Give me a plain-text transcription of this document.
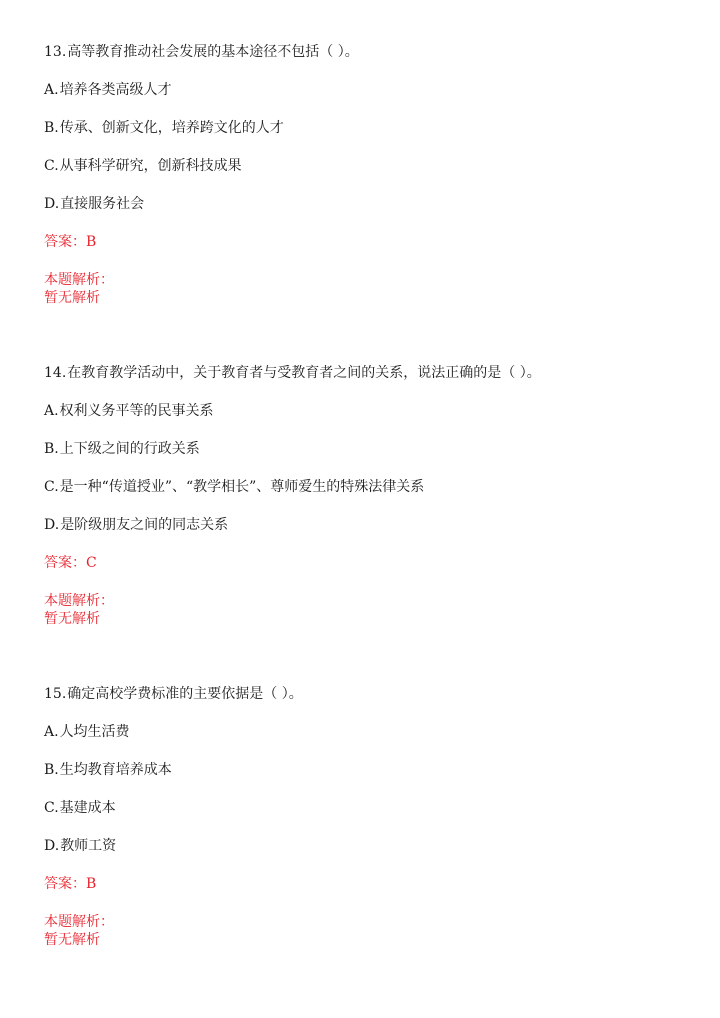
13.高等教育推动社会发展的基本途径不包括（ ）。
A.培养各类高级人才
B.传承、创新文化，培养跨文化的人才
C.从事科学研究，创新科技成果
D.直接服务社会
答案：B
本题解析：
暂无解析
14.在教育教学活动中，关于教育者与受教育者之间的关系，说法正确的是（ ）。
A.权利义务平等的民事关系
B.上下级之间的行政关系
C.是一种“传道授业”、“教学相长”、尊师爱生的特殊法律关系
D.是阶级朋友之间的同志关系
答案：C
本题解析：
暂无解析
15.确定高校学费标准的主要依据是（ ）。
A.人均生活费
B.生均教育培养成本
C.基建成本
D.教师工资
答案：B
本题解析：
暂无解析
